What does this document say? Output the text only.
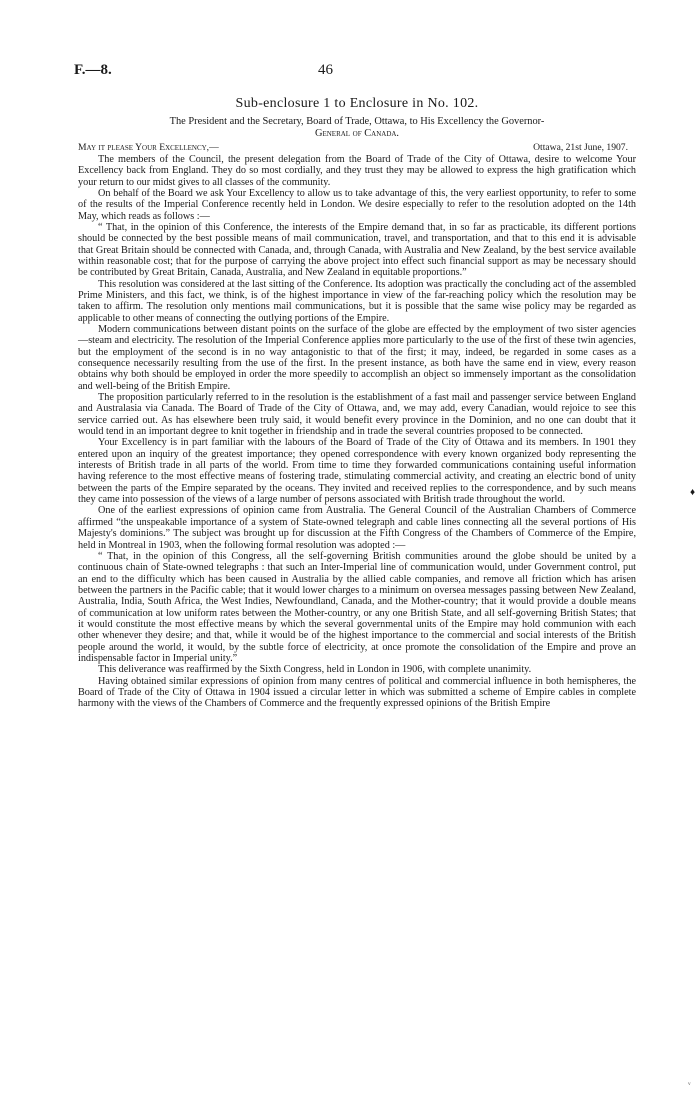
F.—8.	46
Sub-enclosure 1 to Enclosure in No. 102.

The President and the Secretary, Board of Trade, Ottawa, to His Excellency the Governor-

General of Canada.

May it please Your Excellency,—	Ottawa, 21st June, 1907.

The members of the Council, the present delegation from the Board of Trade of the City of Ottawa, desire to welcome Your Excellency back from England. They do so most cordially, and they trust they may be allowed to express the high gratification which your return to our midst gives to all classes of the community.

On behalf of the Board we ask Your Excellency to allow us to take advantage of this, the very earliest opportunity, to refer to some of the results of the Imperial Conference recently held in London. We desire especially to refer to the resolution adopted on the 14th May, which reads as follows :—

“ That, in the opinion of this Conference, the interests of the Empire demand that, in so far as practicable, its different portions should be connected by the best possible means of mail communication, travel, and transportation, and that to this end it is advisable that Great Britain should be connected with Canada, and, through Canada, with Australia and New Zealand, by the best service available within reasonable cost; that for the purpose of carrying the above project into effect such financial support as may be necessary should be contributed by Great Britain, Canada, Australia, and New Zealand in equitable proportions.”

This resolution was considered at the last sitting of the Conference. Its adoption was practically the concluding act of the assembled Prime Ministers, and this fact, we think, is of the highest importance in view of the far-reaching policy which the resolution may be taken to affirm. The resolution only mentions mail communications, but it is possible that the same wise policy may be regarded as applicable to other means of connecting the outlying portions of the Empire.

Modern communications between distant points on the surface of the globe are effected by the employment of two sister agencies—steam and electricity. The resolution of the Imperial Conference applies more particularly to the use of the first of these twin agencies, but the employment of the second is in no way antagonistic to that of the first; it may, indeed, be regarded in some cases as a consequence necessarily resulting from the use of the first. In the present instance, as both have the same end in view, every reason obtains why both should be employed in order the more speedily to accomplish an object so immensely important as the consolidation and well-being of the British Empire.

The proposition particularly referred to in the resolution is the establishment of a fast mail and passenger service between England and Australasia via Canada. The Board of Trade of the City of Ottawa, and, we may add, every Canadian, would rejoice to see this service carried out. As has elsewhere been truly said, it would benefit every province in the Dominion, and no one can doubt that it would tend in an important degree to knit together in friendship and in trade the several countries proposed to be connected.

Your Excellency is in part familiar with the labours of the Board of Trade of the City of Ottawa and its members. In 1901 they entered upon an inquiry of the greatest importance; they opened correspondence with every known organized body representing the interests of British trade in all parts of the world. From time to time they forwarded communications containing useful information having reference to the most effective means of fostering trade, stimulating commercial activity, and creating an electric bond of unity between the parts of the Empire separated by the oceans. They invited and received replies to the correspondence, and by such means they came into possession of the views of a large number of persons associated with British trade throughout the world.

One of the earliest expressions of opinion came from Australia. The General Council of the Australian Chambers of Commerce affirmed “the unspeakable importance of a system of State-owned telegraph and cable lines connecting all the several portions of His Majesty's dominions.” The subject was brought up for discussion at the Fifth Congress of the Chambers of Commerce of the Empire, held in Montreal in 1903, when the following formal resolution was adopted :—

“ That, in the opinion of this Congress, all the self-governing British communities around the globe should be united by a continuous chain of State-owned telegraphs : that such an Inter-Imperial line of communication would, under Government control, put an end to the difficulty which has been caused in Australia by the allied cable companies, and remove all friction which has arisen between the partners in the Pacific cable; that it would lower charges to a minimum on oversea messages passing between New Zealand, Australia, India, South Africa, the West Indies, Newfoundland, Canada, and the Mother-country; that it would provide a double means of communication at low uniform rates between the Mother-country, or any one British State, and all self-governing British States; that it would constitute the most effective means by which the several governmental units of the Empire may hold communion with each other whenever they desire; and that, while it would be of the highest importance to the commercial and social interests of the British people around the world, it would, by the subtle force of electricity, at once promote the consolidation of the Empire and prove an indispensable factor in Imperial unity.”

This deliverance was reaffirmed by the Sixth Congress, held in London in 1906, with complete unanimity.

Having obtained similar expressions of opinion from many centres of political and commercial influence in both hemispheres, the Board of Trade of the City of Ottawa in 1904 issued a circular letter in which was submitted a scheme of Empire cables in complete harmony with the views of the Chambers of Commerce and the frequently expressed opinions of the British Empire

♦
ᵥ
